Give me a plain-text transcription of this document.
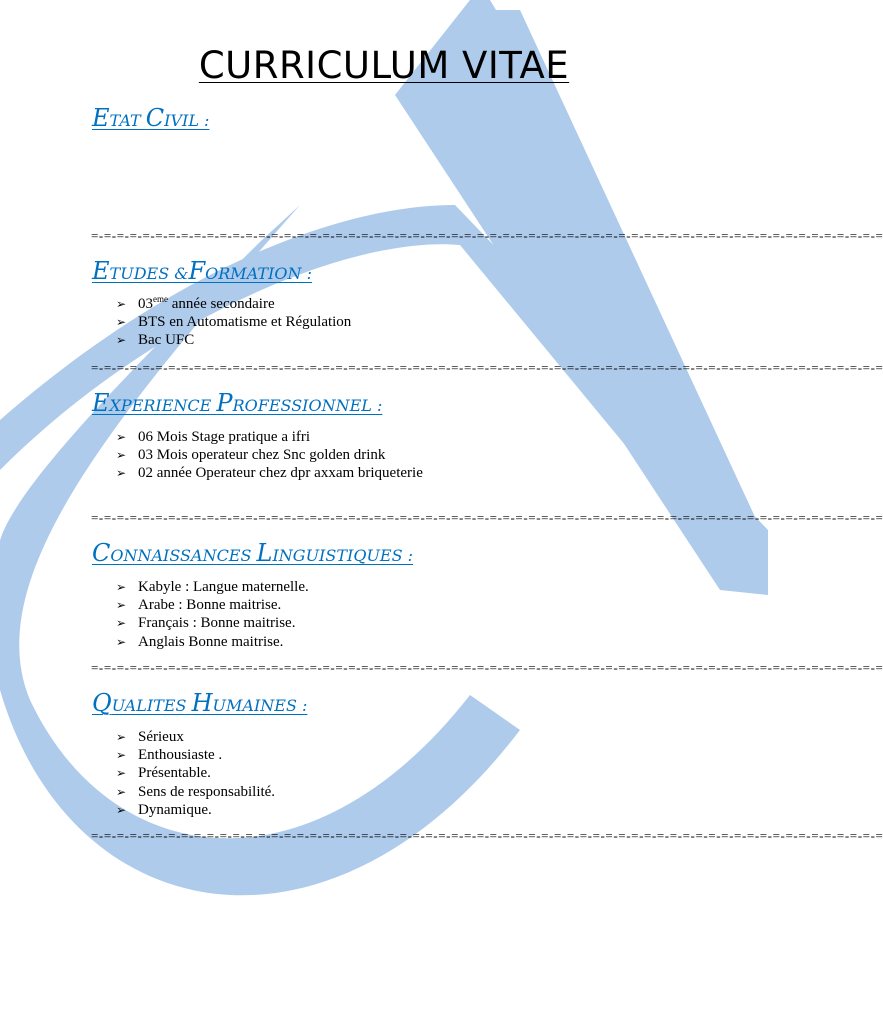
CURRICULUM VITAE
ETAT CIVIL :
=-=-=-=-=-=-=-=-=-=-=-=-=-=-=-=-=-=-=-=-=-=-=-=-=-=-=-=-=-=-=-=-=-=-=-=-=-=-=-=-=-=-=-=-=-=-=-=-=-=-=-=-=-=-=-=-=-=-=-=-=-=
ETUDES &FORMATION :
➢ 03eme année secondaire
➢ BTS en Automatisme et Régulation
➢ Bac UFC
=-=-=-=-=-=-=-=-=-=-=-=-=-=-=-=-=-=-=-=-=-=-=-=-=-=-=-=-=-=-=-=-=-=-=-=-=-=-=-=-=-=-=-=-=-=-=-=-=-=-=-=-=-=-=-=-=-=-=-=-=-=
EXPERIENCE PROFESSIONNEL :
➢ 06 Mois Stage pratique a ifri
➢ 03 Mois operateur chez Snc golden drink
➢ 02 année Operateur chez dpr axxam briqueterie
=-=-=-=-=-=-=-=-=-=-=-=-=-=-=-=-=-=-=-=-=-=-=-=-=-=-=-=-=-=-=-=-=-=-=-=-=-=-=-=-=-=-=-=-=-=-=-=-=-=-=-=-=-=-=-=-=-=-=-=-=-=
CONNAISSANCES LINGUISTIQUES :
➢ Kabyle : Langue maternelle.
➢ Arabe : Bonne maitrise.
➢ Français : Bonne maitrise.
➢ Anglais Bonne maitrise.
=-=-=-=-=-=-=-=-=-=-=-=-=-=-=-=-=-=-=-=-=-=-=-=-=-=-=-=-=-=-=-=-=-=-=-=-=-=-=-=-=-=-=-=-=-=-=-=-=-=-=-=-=-=-=-=-=-=-=-=-=-=
QUALITES HUMAINES :
➢ Sérieux
➢ Enthousiaste .
➢ Présentable.
➢ Sens de responsabilité.
➢ Dynamique.
=-=-=-=-=-=-=-=-=-=-=-=-=-=-=-=-=-=-=-=-=-=-=-=-=-=-=-=-=-=-=-=-=-=-=-=-=-=-=-=-=-=-=-=-=-=-=-=-=-=-=-=-=-=-=-=-=-=-=-=-=-=
